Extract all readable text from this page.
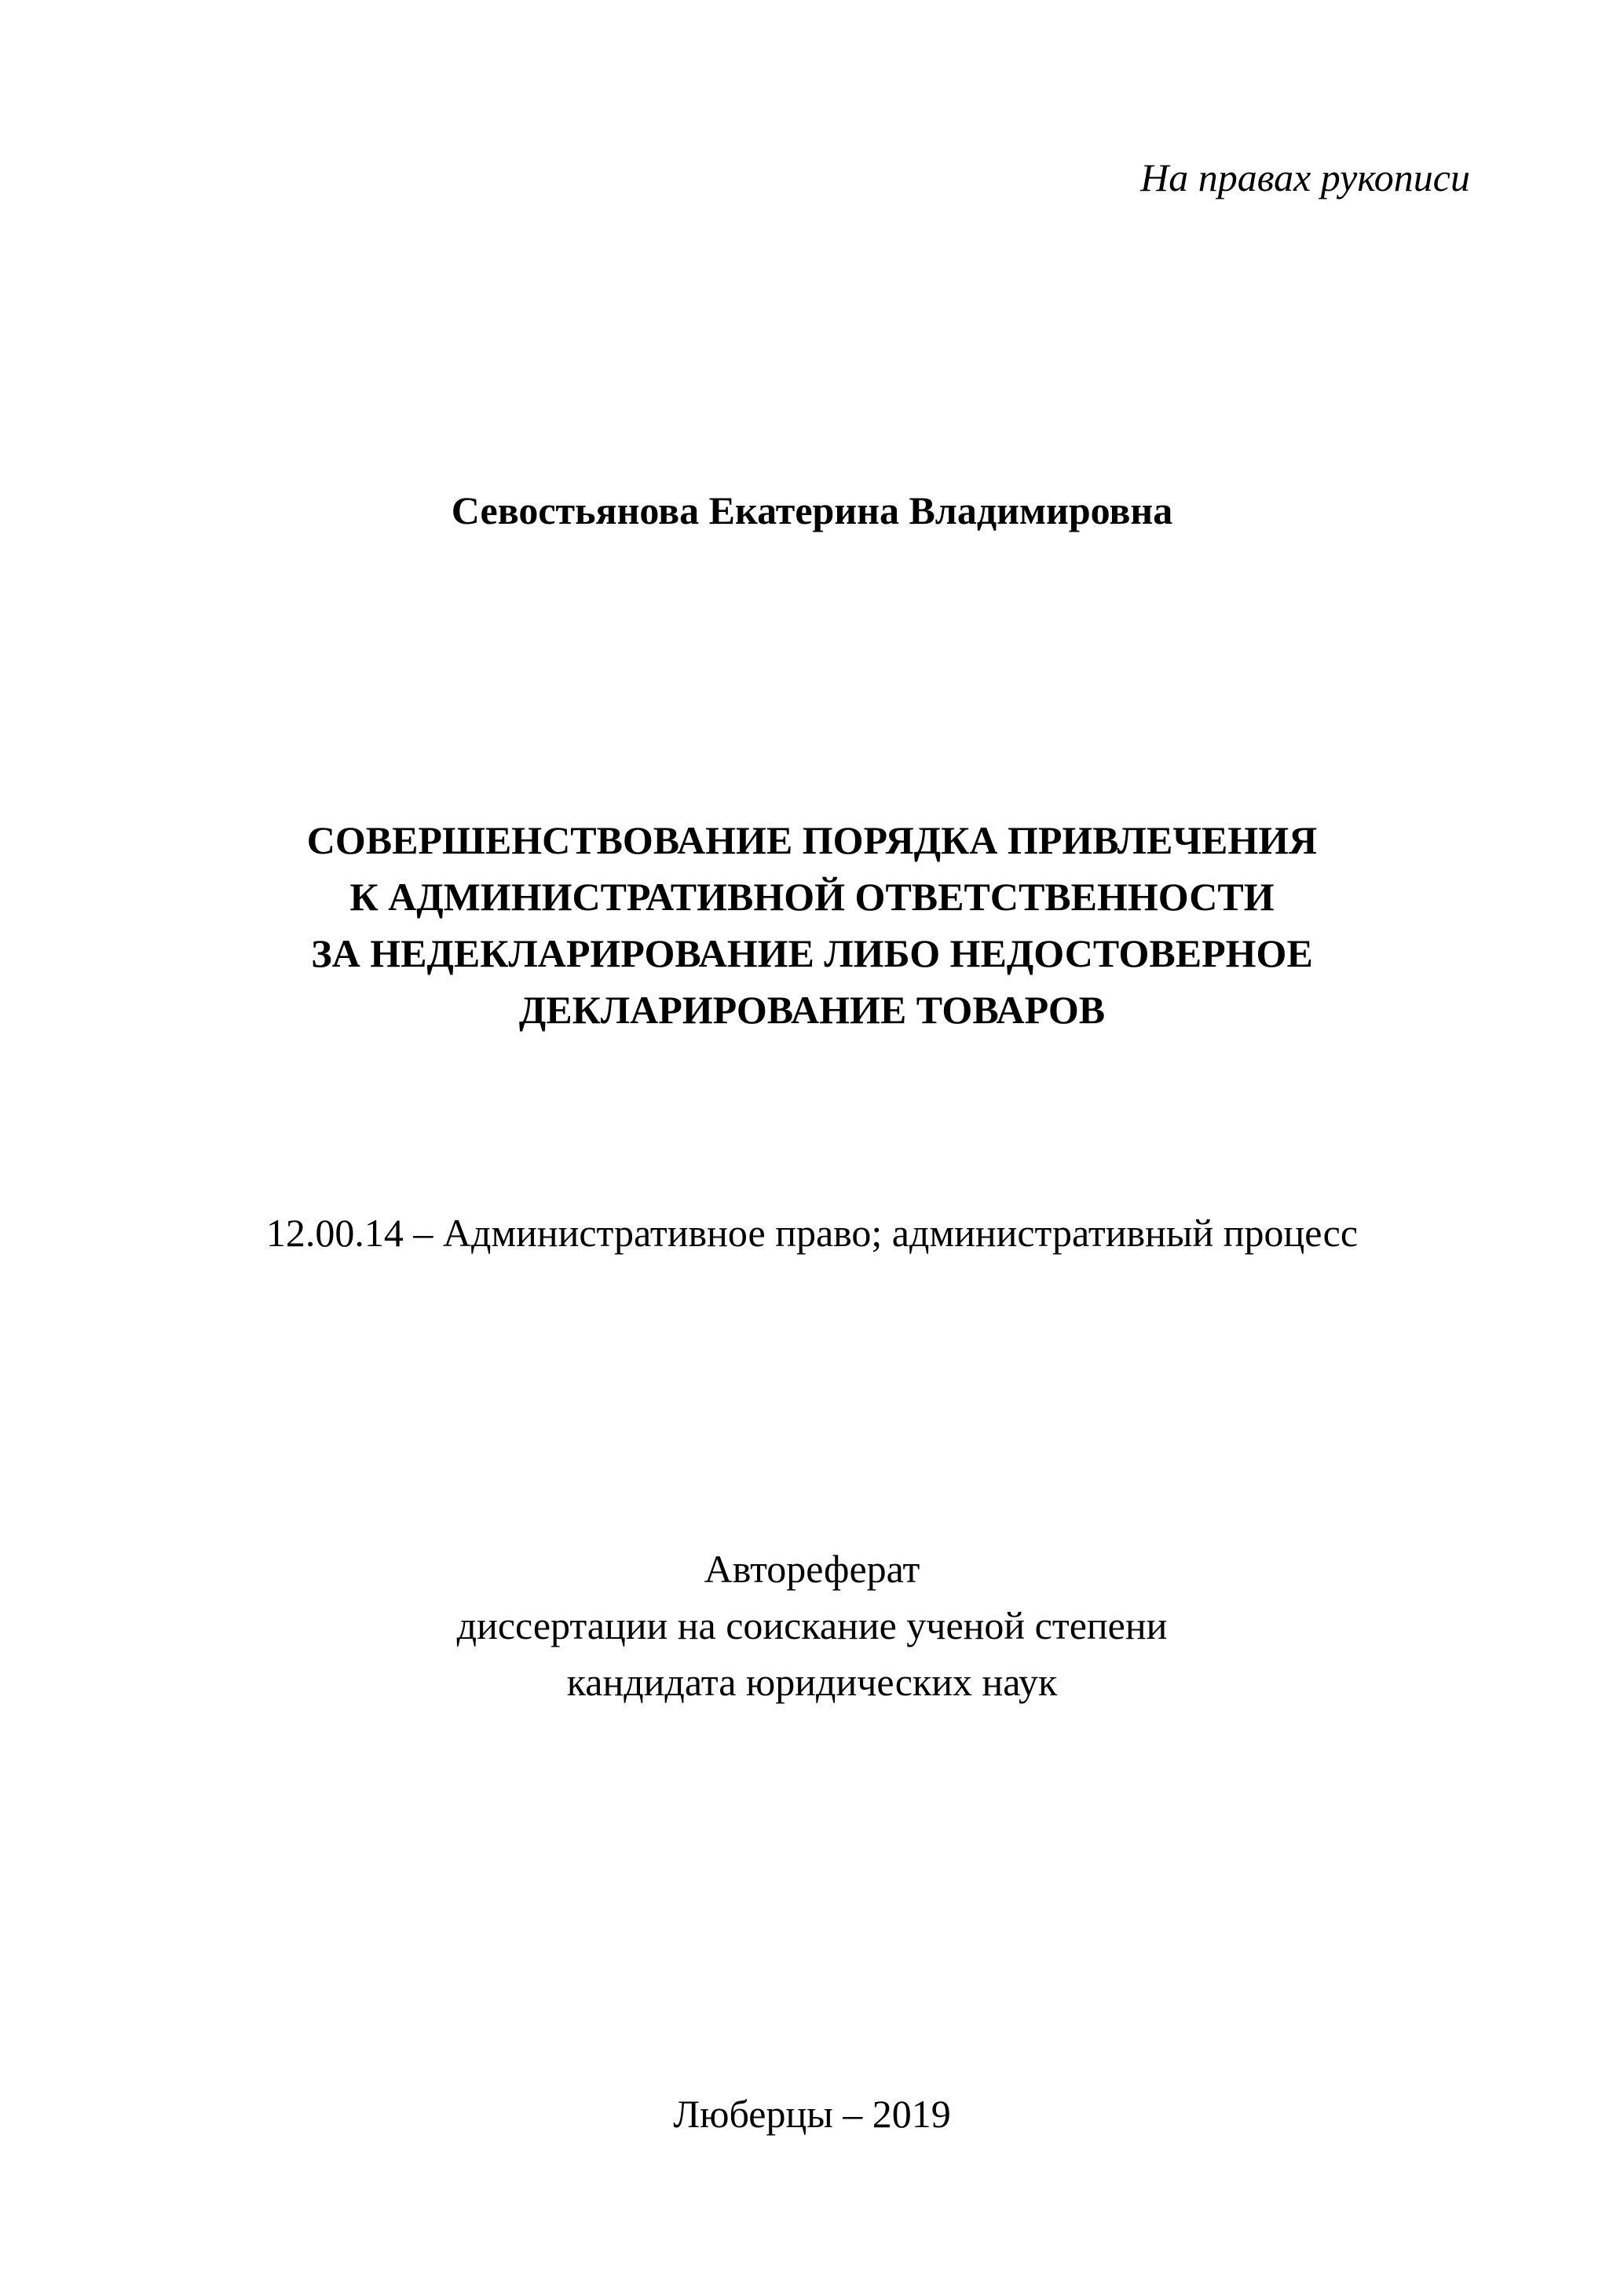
На правах рукописи
Севостьянова Екатерина Владимировна
СОВЕРШЕНСТВОВАНИЕ ПОРЯДКА ПРИВЛЕЧЕНИЯ
К АДМИНИСТРАТИВНОЙ ОТВЕТСТВЕННОСТИ
ЗА НЕДЕКЛАРИРОВАНИЕ ЛИБО НЕДОСТОВЕРНОЕ
ДЕКЛАРИРОВАНИЕ ТОВАРОВ
12.00.14 – Административное право; административный процесс
Автореферат
диссертации на соискание ученой степени
кандидата юридических наук
Люберцы – 2019
